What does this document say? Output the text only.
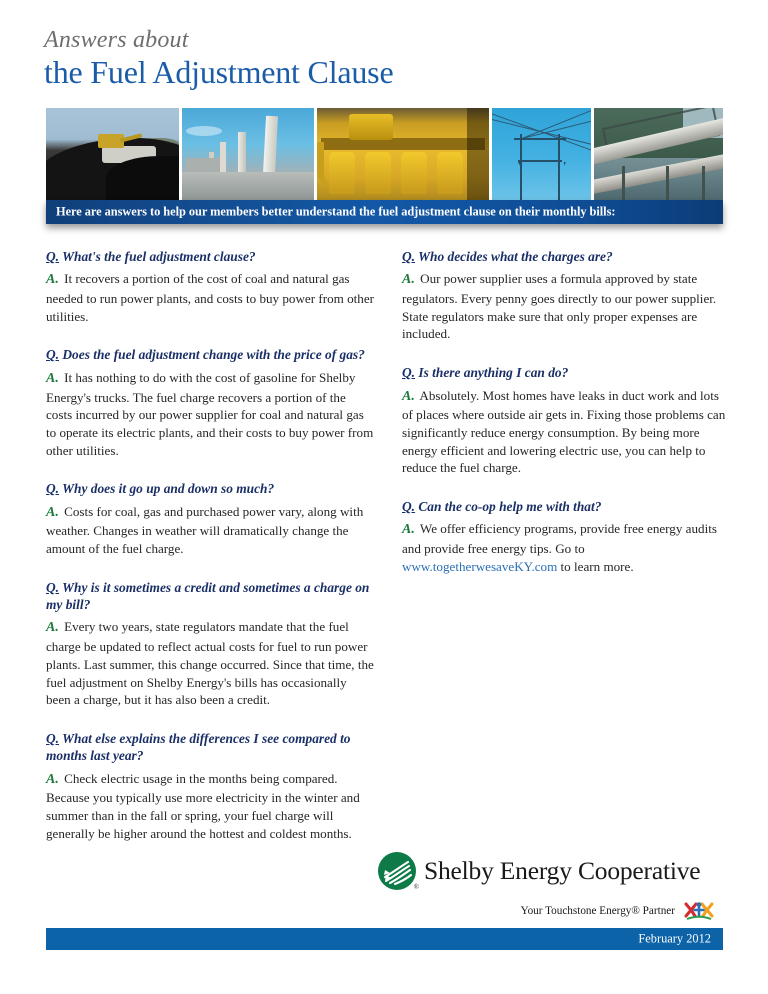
Answers about
the Fuel Adjustment Clause
Here are answers to help our members better understand the fuel adjustment clause on their monthly bills:
Q. What's the fuel adjustment clause?
A. It recovers a portion of the cost of coal and natural gas needed to run power plants, and costs to buy power from other utilities.
Q. Does the fuel adjustment change with the price of gas?
A. It has nothing to do with the cost of gasoline for Shelby Energy's trucks. The fuel charge recovers a portion of the costs incurred by our power supplier for coal and natural gas to operate its electric plants, and their costs to buy power from other utilities.
Q. Why does it go up and down so much?
A. Costs for coal, gas and purchased power vary, along with weather. Changes in weather will dramatically change the amount of the fuel charge.
Q. Why is it sometimes a credit and sometimes a charge on my bill?
A. Every two years, state regulators mandate that the fuel charge be updated to reflect actual costs for fuel to run power plants. Last summer, this change occurred. Since that time, the fuel adjustment on Shelby Energy's bills has occasionally been a charge, but it has also been a credit.
Q. What else explains the differences I see compared to months last year?
A. Check electric usage in the months being compared. Because you typically use more electricity in the winter and summer than in the fall or spring, your fuel charge will generally be higher around the hottest and coldest months.
Q. Who decides what the charges are?
A. Our power supplier uses a formula approved by state regulators. Every penny goes directly to our power supplier. State regulators make sure that only proper expenses are included.
Q. Is there anything I can do?
A. Absolutely. Most homes have leaks in duct work and lots of places where outside air gets in. Fixing those problems can significantly reduce energy consumption. By being more energy efficient and lowering electric use, you can help to reduce the fuel charge.
Q. Can the co-op help me with that?
A. We offer efficiency programs, provide free energy audits and provide free energy tips. Go to www.togetherwesaveKY.com to learn more.
®
Shelby Energy Cooperative
Your Touchstone Energy® Partner
February 2012
